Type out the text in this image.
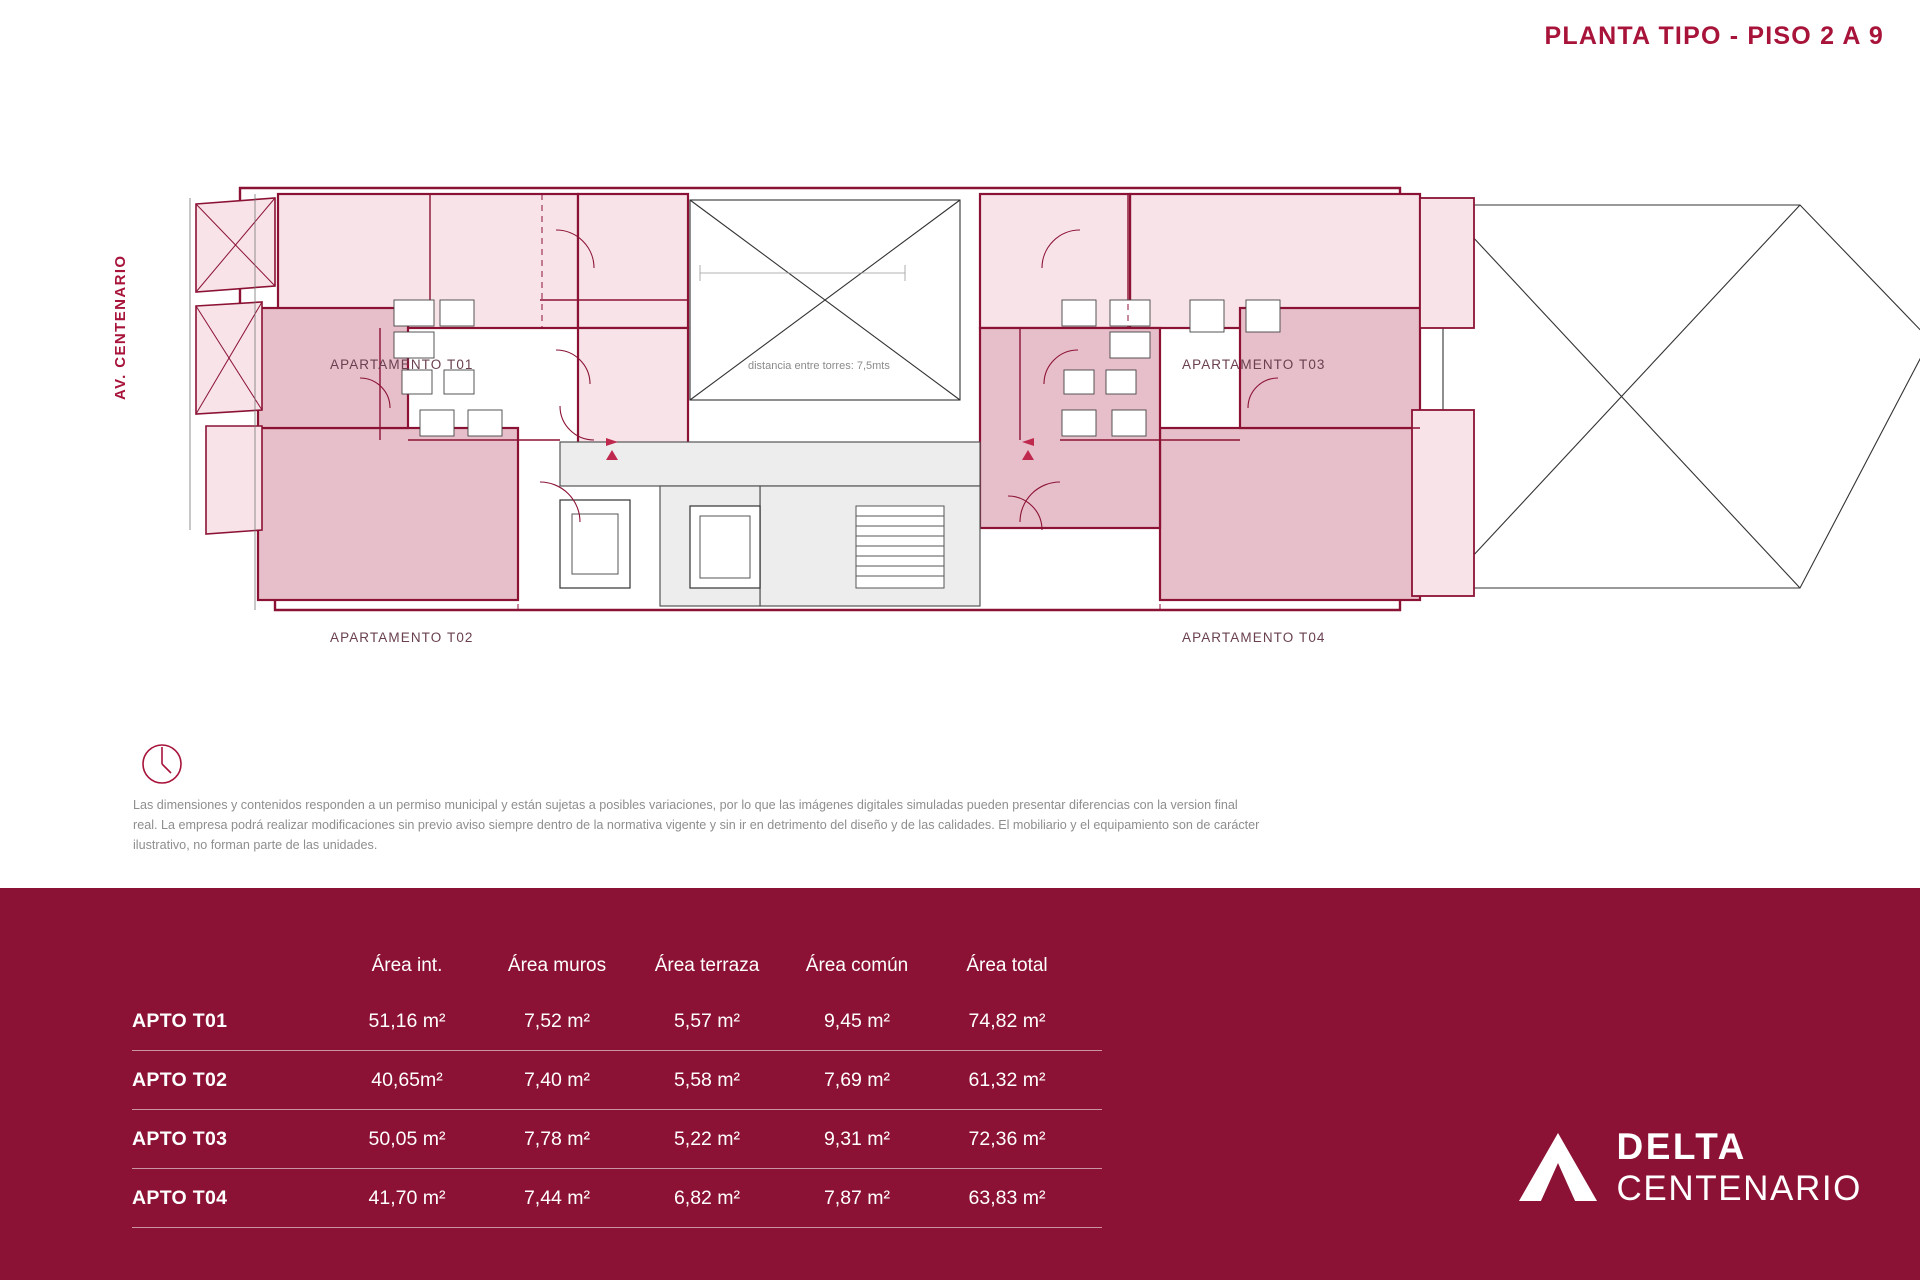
PLANTA TIPO - PISO 2 A 9
AV. CENTENARIO	APARTAMENTO T01
APARTAMENTO T02
APARTAMENTO T03
APARTAMENTO T04
distancia entre torres: 7,5mts

Las dimensiones y contenidos responden a un permiso municipal y están sujetas a posibles variaciones, por lo que las imágenes digitales simuladas pueden presentar diferencias con la version final real. La empresa podrá realizar modificaciones sin previo aviso siempre dentro de la normativa vigente y sin ir en detrimento del diseño y de las calidades. El mobiliario y el equipamiento son de carácter ilustrativo, no forman parte de las unidades.

Área int.	Área muros	Área terraza	Área común	Área total
APTO T01	51,16 m²	7,52 m²	5,57 m²	9,45 m²	74,82 m²
APTO T02	40,65m²	7,40 m²	5,58 m²	7,69 m²	61,32 m²
APTO T03	50,05 m²	7,78 m²	5,22 m²	9,31 m²	72,36 m²
APTO T04	41,70 m²	7,44 m²	6,82 m²	7,87 m²	63,83 m²
DELTA
CENTENARIO
